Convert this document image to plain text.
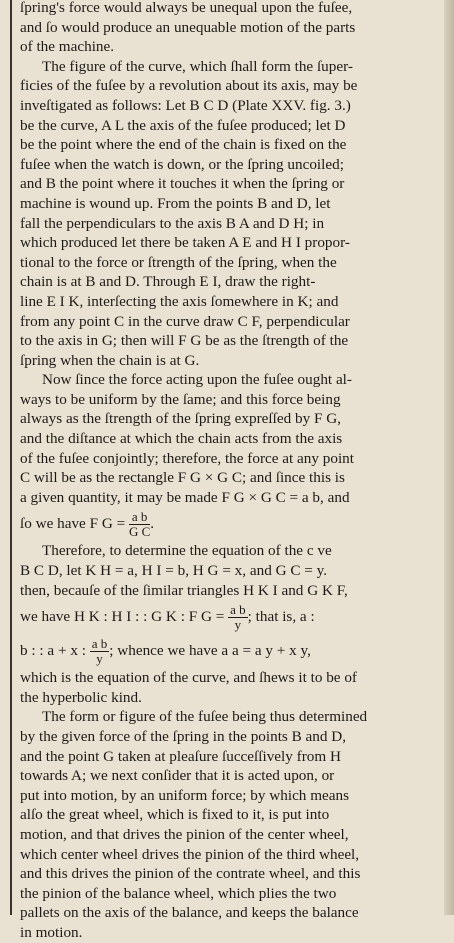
ſpring's force would always be unequal upon the fuſee,

and ſo would produce an unequable motion of the parts

of the machine.

The figure of the curve, which ſhall form the ſuper-

ficies of the fuſee by a revolution about its axis, may be

inveſtigated as follows: Let B C D (Plate XXV. fig. 3.)

be the curve, A L the axis of the fuſee produced; let D

be the point where the end of the chain is fixed on the

fuſee when the watch is down, or the ſpring uncoiled;

and B the point where it touches it when the ſpring or

machine is wound up. From the points B and D, let

fall the perpendiculars to the axis B A and D H; in

which produced let there be taken A E and H I propor-

tional to the force or ſtrength of the ſpring, when the

chain is at B and D. Through E I, draw the right-

line E I K, interſecting the axis ſomewhere in K; and

from any point C in the curve draw C F, perpendicular

to the axis in G; then will F G be as the ſtrength of the

ſpring when the chain is at G.

Now ſince the force acting upon the fuſee ought al-

ways to be uniform by the ſame; and this force being

always as the ſtrength of the ſpring expreſſed by F G,

and the diſtance at which the chain acts from the axis

of the fuſee conjointly; therefore, the force at any point

C will be as the rectangle F G × G C; and ſince this is

a given quantity, it may be made F G × G C = a b, and

ſo we have F $G = \frac{\text{a b}}{\text{G C}}$ .

Therefore, to determine the equation of the c ve

B C D, let K H = a, H I = b, H G = x, and G C = y.

then, becauſe of the ſimilar triangles H K I and G K F,

we have H K : H I : : G K : F $G = \frac{\text{a b}}{y}$ ; that is, a :

b : : a + x : $\frac{\text{a b}}{y}$ ; whence we have a a = a y + x y,

which is the equation of the curve, and ſhews it to be of

the hyperbolic kind.

The form or figure of the fuſee being thus determined

by the given force of the ſpring in the points B and D,

and the point G taken at pleaſure ſucceſſively from H

towards A; we next conſider that it is acted upon, or

put into motion, by an uniform force; by which means

alſo the great wheel, which is fixed to it, is put into

motion, and that drives the pinion of the center wheel,

which center wheel drives the pinion of the third wheel,

and this drives the pinion of the contrate wheel, and this

the pinion of the balance wheel, which plies the two

pallets on the axis of the balance, and keeps the balance

in motion.
